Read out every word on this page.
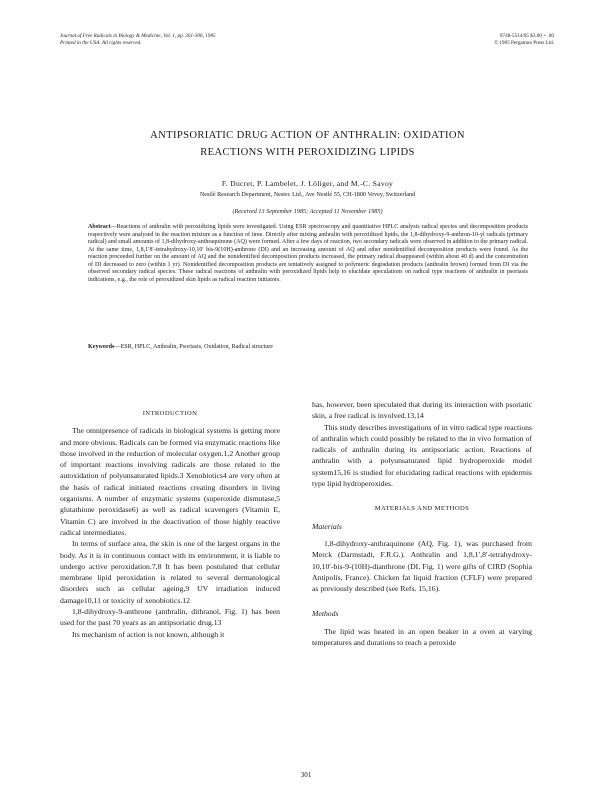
Journal of Free Radicals in Biology & Medicine, Vol. 1, pp. 301-306, 1985
Printed in the USA. All rights reserved.
0748-5514/85 $3.00 + .00
© 1985 Pergamon Press Ltd.
ANTIPSORIATIC DRUG ACTION OF ANTHRALIN: OXIDATION
REACTIONS WITH PEROXIDIZING LIPIDS
F. Ducret, P. Lambelet, J. Löliger, and M.-C. Savoy
Nestlé Research Department, Nestec Ltd., Ave Nestlé 55, CH-1800 Vevey, Switzerland
(Received 13 September 1985; Accepted 11 November 1985)
Abstract—Reactions of anthralin with peroxidizing lipids were investigated. Using ESR spectroscopy and quantitative HPLC analysis radical species and decomposition products respectively were analysed in the reaction mixture as a function of time. Directly after mixing anthralin with peroxidized lipids, the 1,8-dihydroxy-9-anthron-10-yl radicals (primary radical) and small amounts of 1,8-dihydroxy-anthraquinone (AQ) were formed. After a few days of reaction, two secondary radicals were observed in addition to the primary radical. At the same time, 1,8,1′8′-tetrahydroxy-10,10′ bis-9(10H)-anthrone (DI) and an increasing amount of AQ and other nonidentified decomposition products were found. As the reaction proceeded further on the amount of AQ and the nonidentified decomposition products increased, the primary radical disappeared (within about 40 d) and the concentration of DI decreased to zero (within 1 yr). Nonidentified decomposition products are tentatively assigned to polymeric degradation products (anthralin brown) formed from DI via the observed secondary radical species. These radical reactions of anthralin with peroxidized lipids help to elucidate speculations on radical type reactions of anthralin in psoriasis indications, e.g., the role of peroxidized skin lipids as radical reaction initiators.
Keywords—ESR, HPLC, Anthralin, Psoriasis, Oxidation, Radical structure
INTRODUCTION

The omnipresence of radicals in biological systems is getting more and more obvious. Radicals can be formed via enzymatic reactions like those involved in the reduction of molecular oxygen.1,2 Another group of important reactions involving radicals are those related to the autoxidation of polyunsaturated lipids.3 Xenobiotics4 are very often at the basis of radical initiated reactions creating disorders in living organisms. A number of enzymatic systems (superoxide dismutase,5 glutathione peroxidase6) as well as radical scavengers (Vitamin E, Vitamin C) are involved in the deactivation of those highly reactive radical intermediates.

In terms of surface area, the skin is one of the largest organs in the body. As it is in continuous contact with its environment, it is liable to undergo active peroxidation.7,8 It has been postulated that cellular membrane lipid peroxidation is related to several dermatological disorders such as cellular ageing,9 UV irradiation induced damage10,11 or toxicity of xenobiotics.12

1,8-dihydroxy-9-anthrone (anthralin, dithranol, Fig. 1) has been used for the past 70 years as an antipsoriatic drug.13

Its mechanism of action is not known, although it

has, however, been speculated that during its interaction with psoriatic skin, a free radical is involved.13,14

This study describes investigations of in vitro radical type reactions of anthralin which could possibly be related to the in vivo formation of radicals of anthralin during its antipsoriatic action. Reactions of anthralin with a polyunsaturated lipid hydroperoxide model system15,16 is studied for elucidating radical reactions with epidermis type lipid hydroperoxides.

MATERIALS AND METHODS
Materials

1,8-dihydroxy-anthraquinone (AQ, Fig. 1), was purchased from Merck (Darmstadt, F.R.G.). Anthralin and 1,8,1′,8′-tetrahydroxy-10,10′-bis-9-(10H)-dianthrone (DI, Fig. 1) were gifts of CIRD (Sophia Antipolis, France). Chicken fat liquid fraction (CFLF) were prepared as previously described (see Refs. 15,16).

Methods

The lipid was heated in an open beaker in a oven at varying temperatures and durations to reach a peroxide

301
